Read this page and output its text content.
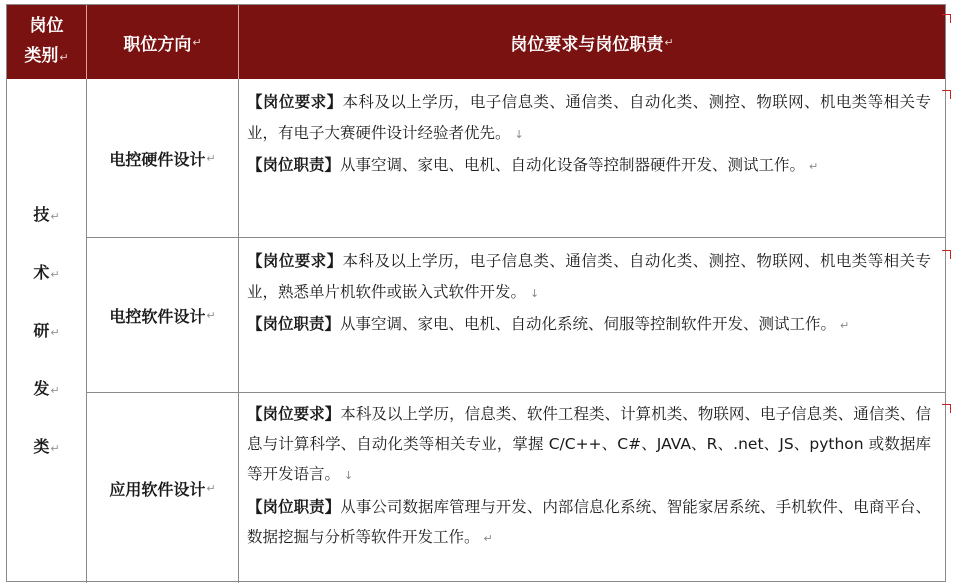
岗位
类别↵
职位方向 ↵	岗位要求与岗位职责 ↵
技↵
术↵
研↵
发↵
类↵
电控硬件设计 ↵

【岗位要求】本科及以上学历，电子信息类、通信类、自动化类、测控、物联网、机电类等相关专业，有电子大赛硬件设计经验者优先。 ↓

【岗位职责】从事空调、家电、电机、自动化设备等控制器硬件开发、测试工作。 ↵

电控软件设计 ↵

【岗位要求】本科及以上学历，电子信息类、通信类、自动化类、测控、物联网、机电类等相关专业，熟悉单片机软件或嵌入式软件开发。 ↓

【岗位职责】从事空调、家电、电机、自动化系统、伺服等控制软件开发、测试工作。 ↵

应用软件设计 ↵

【岗位要求】本科及以上学历，信息类、软件工程类、计算机类、物联网、电子信息类、通信类、信息与计算科学、自动化类等相关专业，掌握 C/C++、C#、JAVA、R、.net、JS、python 或数据库等开发语言。 ↓

【岗位职责】从事公司数据库管理与开发、内部信息化系统、智能家居系统、手机软件、电商平台、数据挖掘与分析等软件开发工作。 ↵
